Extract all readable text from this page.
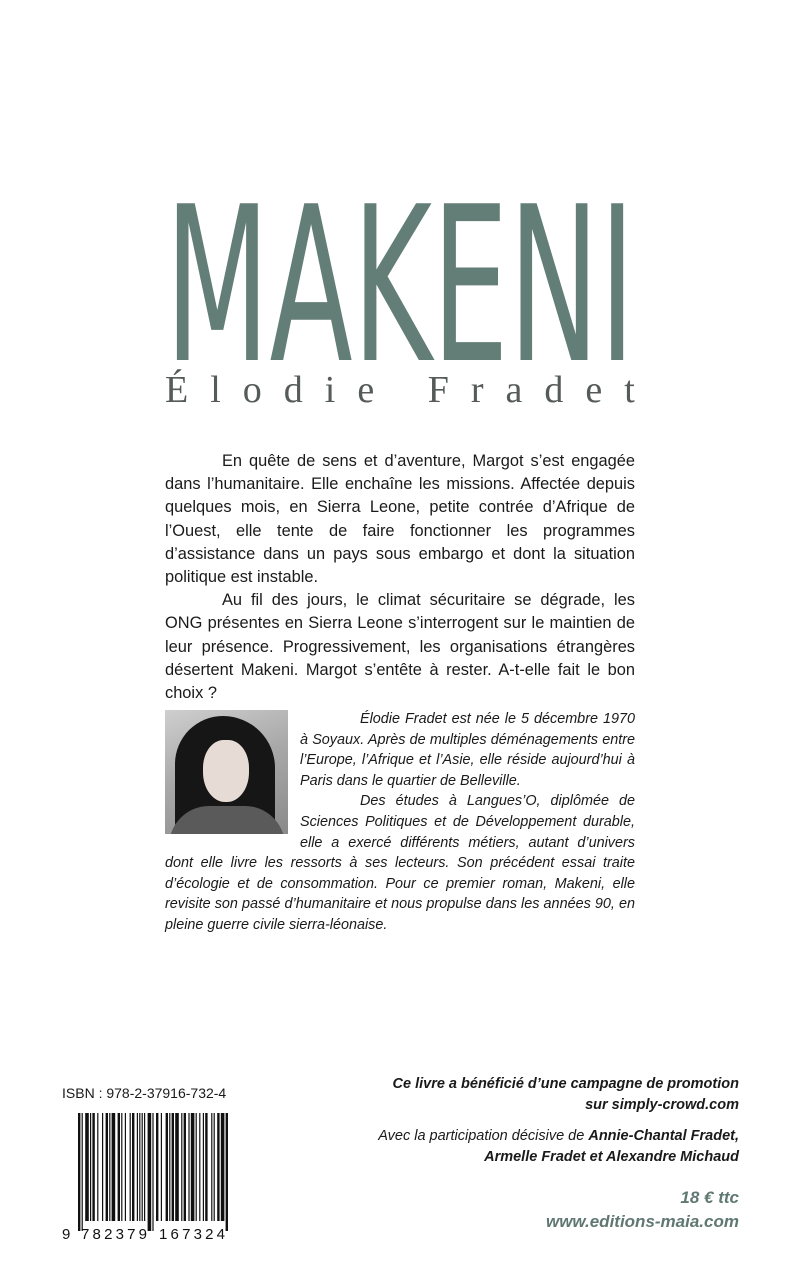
MAKENI
É l o d i e
F r a d e t

En quête de sens et d’aventure, Margot s’est engagée dans l’humanitaire. Elle enchaîne les missions. Affectée depuis quelques mois, en Sierra Leone, petite contrée d’Afrique de l’Ouest, elle tente de faire fonctionner les programmes d’assistance dans un pays sous embargo et dont la situation politique est instable.

Au fil des jours, le climat sécuritaire se dégrade, les ONG présentes en Sierra Leone s’interrogent sur le maintien de leur présence. Progressivement, les organisations étrangères désertent Makeni. Margot s’entête à rester. A-t-elle fait le bon choix ?

Élodie Fradet est née le 5 décembre 1970 à Soyaux. Après de multiples déménagements entre l’Europe, l’Afrique et l’Asie, elle réside aujourd’hui à Paris dans le quartier de Belleville.

Des études à Langues’O, diplômée de Sciences Politiques et de Développement durable, elle a exercé différents métiers, autant d’univers dont elle livre les ressorts à ses lecteurs. Son précédent essai traite d’écologie et de consommation. Pour ce premier roman, Makeni, elle revisite son passé d’humanitaire et nous propulse dans les années 90, en pleine guerre civile sierra-léonaise.

ISBN : 978-2-37916-732-4
9 782379 167324
Ce livre a bénéficié d’une campagne de promotion
sur simply-crowd.com
Avec la participation décisive de Annie-Chantal Fradet,
Armelle Fradet et Alexandre Michaud
18 € ttc
www.editions-maia.com
